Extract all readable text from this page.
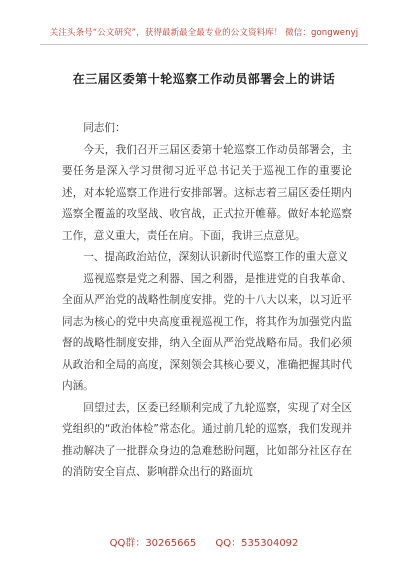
关注头条号“公文研究”，获得最新最全最专业的公文资料库！ 微信：gongwenyj
在三届区委第十轮巡察工作动员部署会上的讲话

同志们：

今天，我们召开三届区委第十轮巡察工作动员部署会，主要任务是深入学习贯彻习近平总书记关于巡视工作的重要论述，对本轮巡察工作进行安排部署。这标志着三届区委任期内巡察全覆盖的攻坚战、收官战，正式拉开帷幕。做好本轮巡察工作，意义重大，责任在肩。下面，我讲三点意见。

一、提高政治站位，深刻认识新时代巡察工作的重大意义

巡视巡察是党之利器、国之利器，是推进党的自我革命、全面从严治党的战略性制度安排。党的十八大以来，以习近平同志为核心的党中央高度重视巡视工作，将其作为加强党内监督的战略性制度安排，纳入全面从严治党战略布局。我们必须从政治和全局的高度，深刻领会其核心要义，准确把握其时代内涵。

回望过去，区委已经顺利完成了九轮巡察，实现了对全区党组织的“政治体检”常态化。通过前几轮的巡察，我们发现并推动解决了一批群众身边的急难愁盼问题，比如部分社区存在的消防安全盲点、影响群众出行的路面坑

QQ群：30265665 QQ：535304092
